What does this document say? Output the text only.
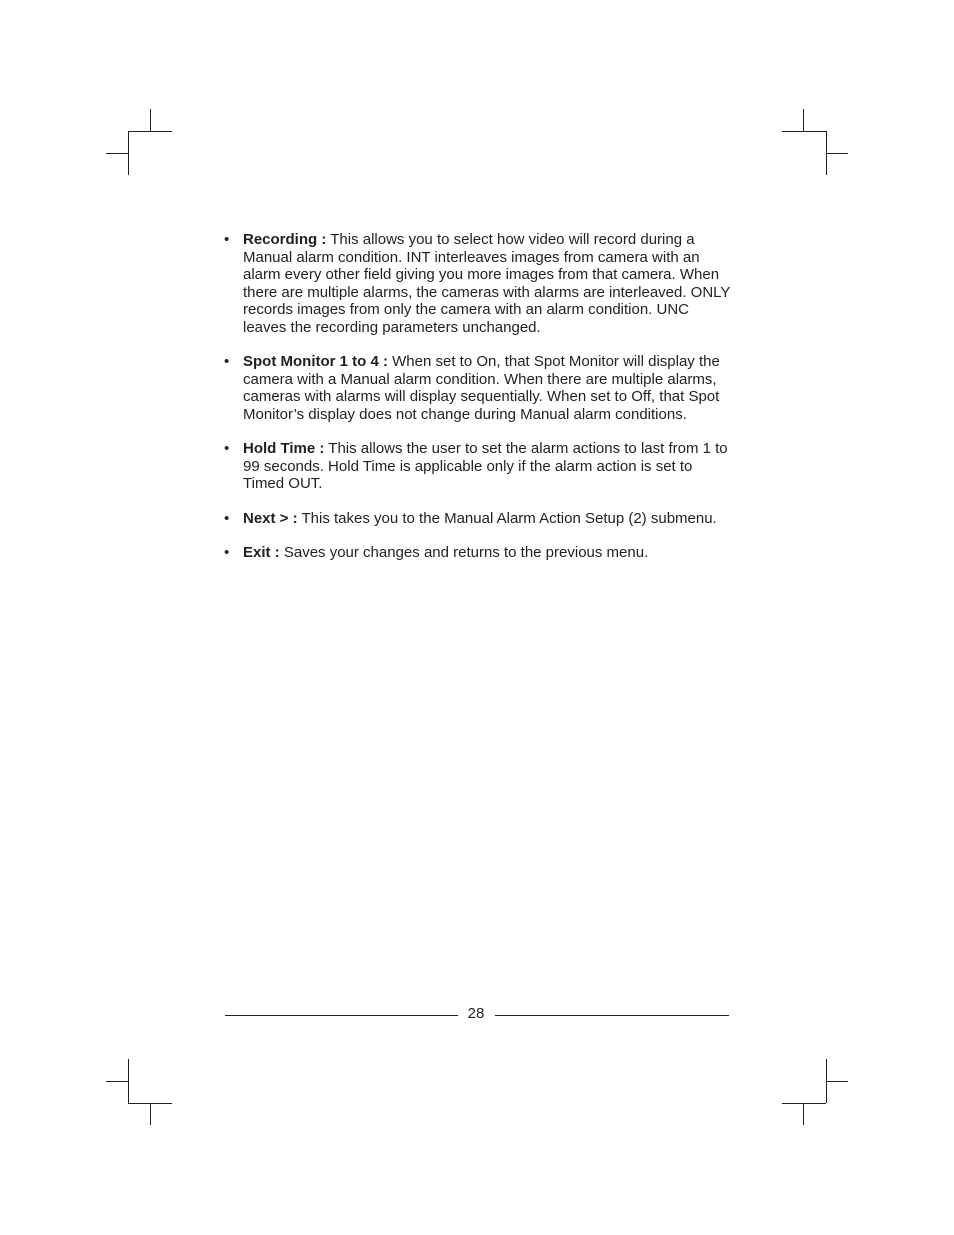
• Recording : This allows you to select how video will record during a Manual alarm condition. INT interleaves images from camera with an alarm every other field giving you more images from that camera. When there are multiple alarms, the cameras with alarms are interleaved. ONLY records images from only the camera with an alarm condition. UNC leaves the recording parameters unchanged.
• Spot Monitor 1 to 4 : When set to On, that Spot Monitor will display the camera with a Manual alarm condition. When there are multiple alarms, cameras with alarms will display sequentially. When set to Off, that Spot Monitor’s display does not change during Manual alarm conditions.
• Hold Time : This allows the user to set the alarm actions to last from 1 to 99 seconds. Hold Time is applicable only if the alarm action is set to Timed OUT.
• Next > : This takes you to the Manual Alarm Action Setup (2) submenu.
• Exit : Saves your changes and returns to the previous menu.
28
